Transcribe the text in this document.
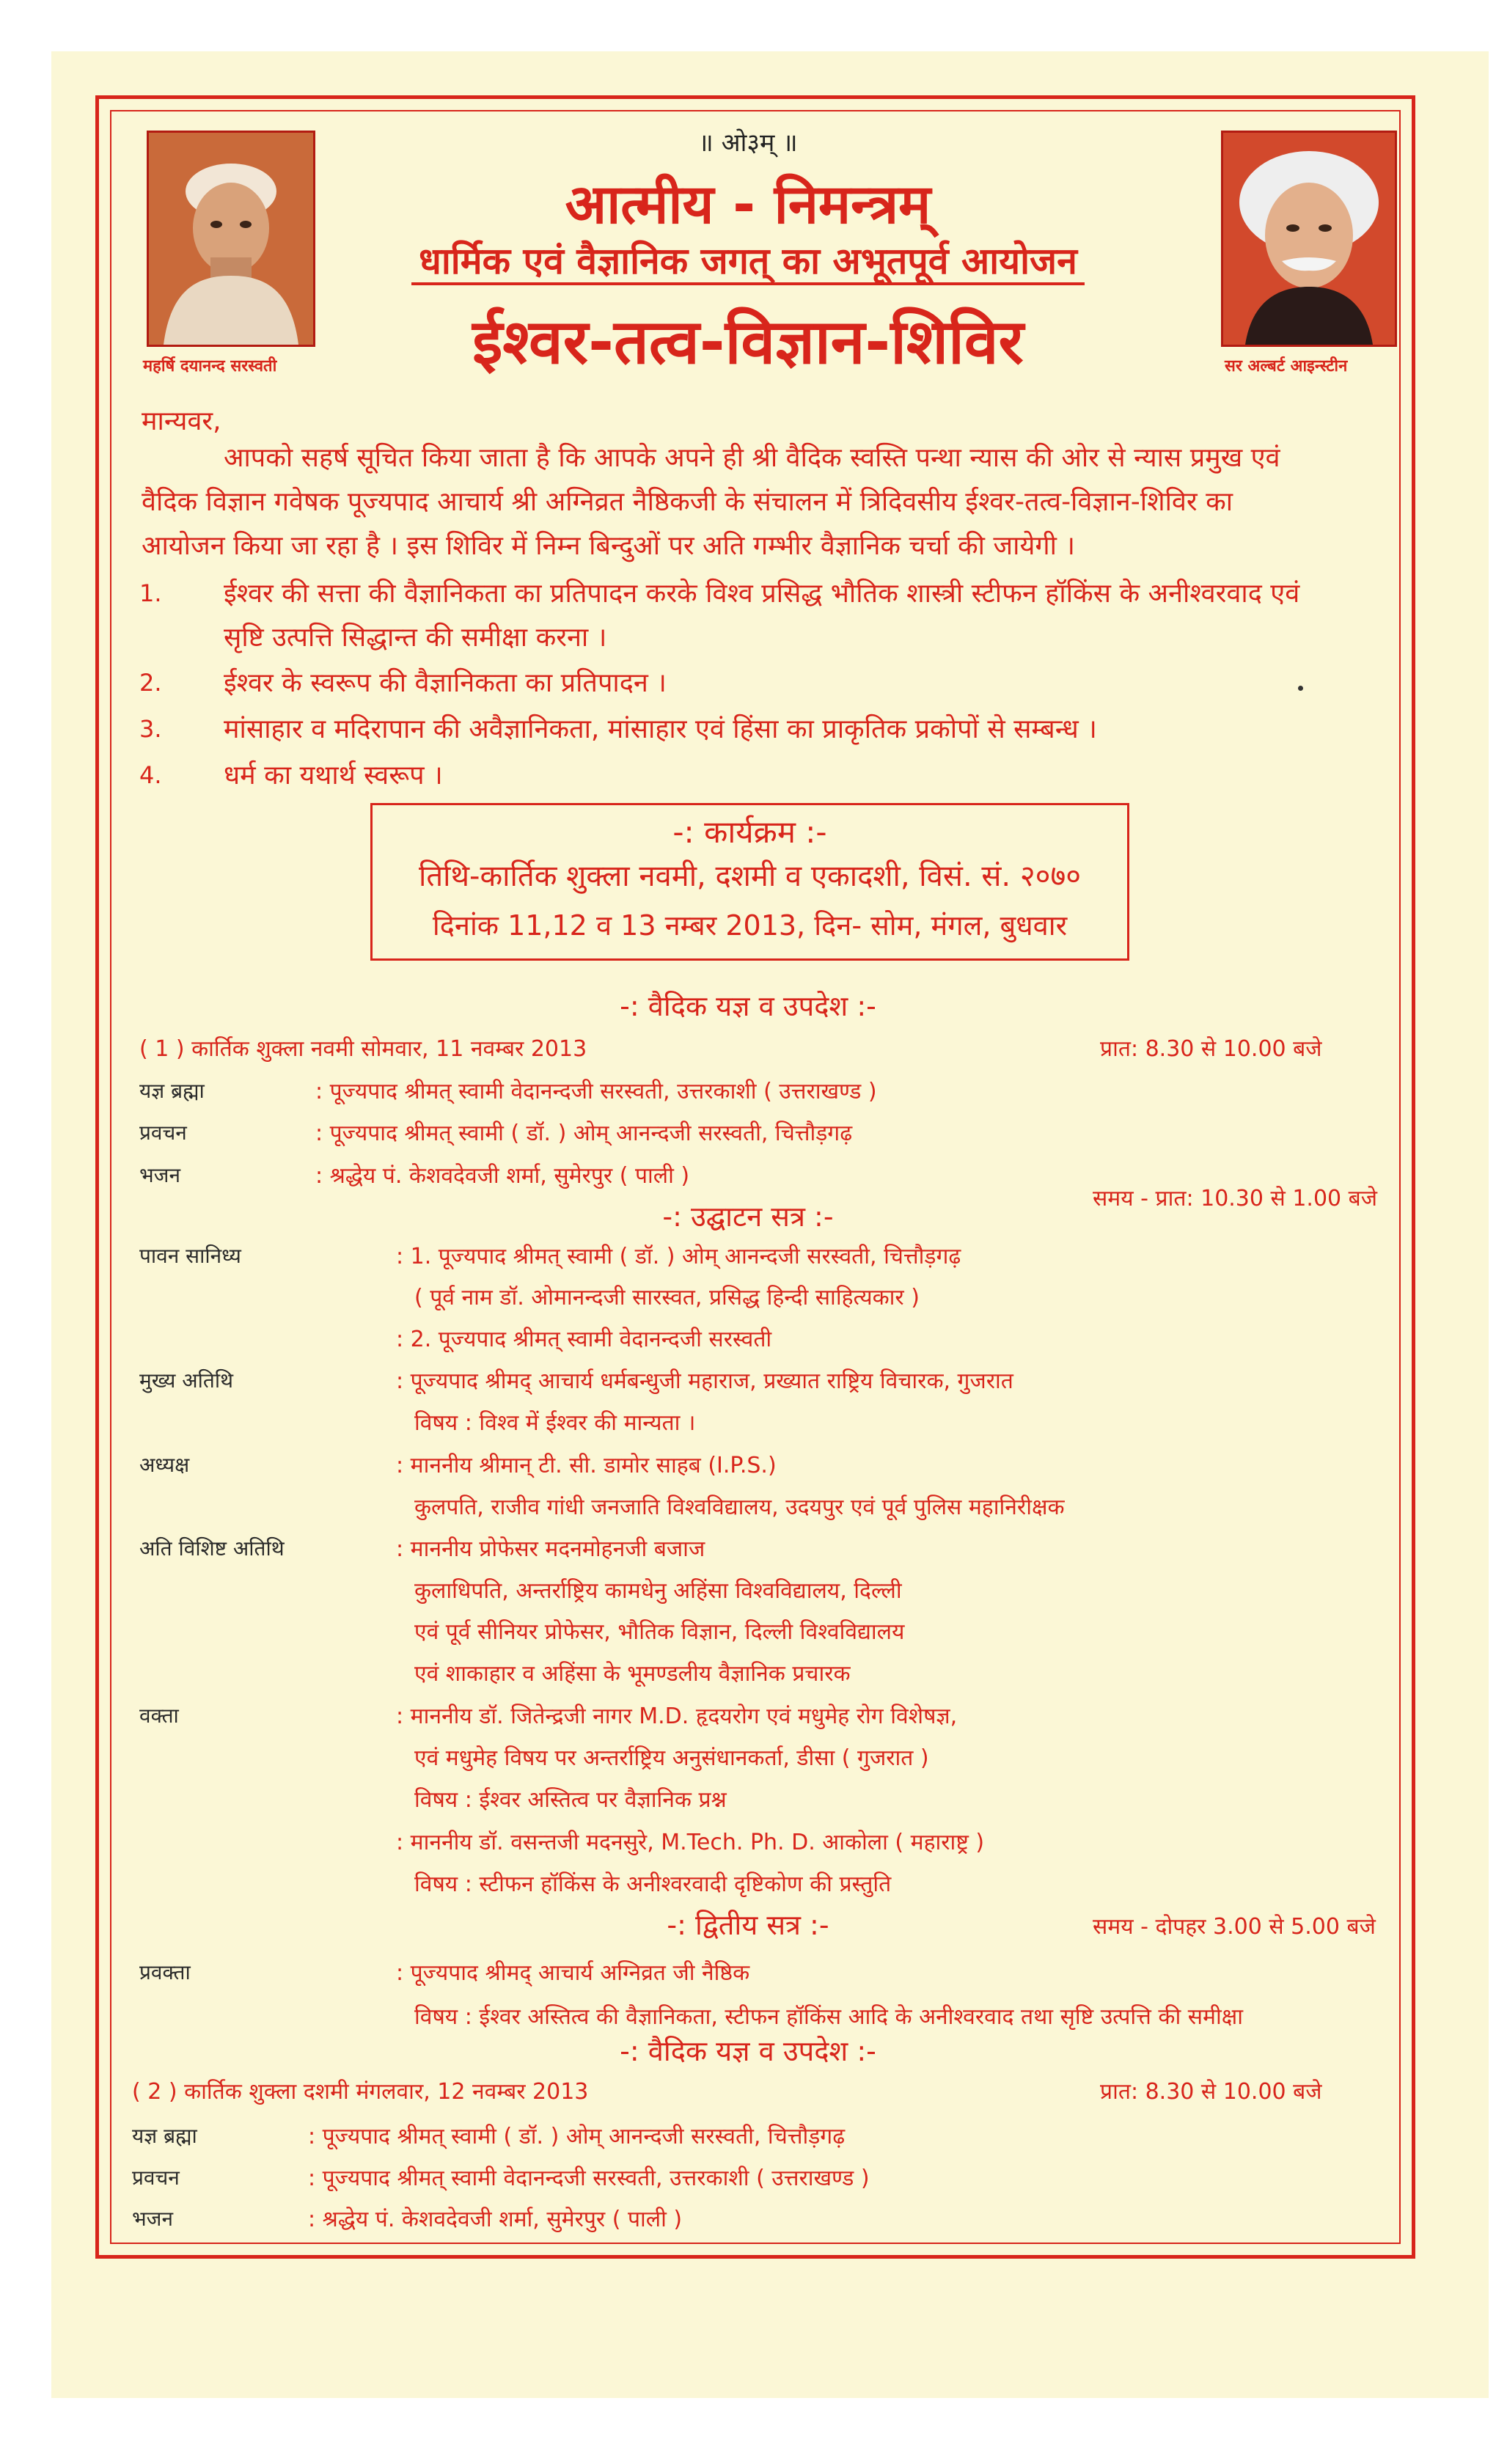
॥ ओ३म् ॥
आत्मीय - निमन्त्रम्
धार्मिक एवं वैज्ञानिक जगत् का अभूतपूर्व आयोजन
ईश्वर-तत्व-विज्ञान-शिविर
महर्षि दयानन्द सरस्वती	सर अल्बर्ट आइन्स्टीन
मान्यवर,
आपको सहर्ष सूचित किया जाता है कि आपके अपने ही श्री वैदिक स्वस्ति पन्था न्यास की ओर से न्यास प्रमुख एवं
वैदिक विज्ञान गवेषक पूज्यपाद आचार्य श्री अग्निव्रत नैष्ठिकजी के संचालन में त्रिदिवसीय ईश्वर-तत्व-विज्ञान-शिविर का
आयोजन किया जा रहा है । इस शिविर में निम्न बिन्दुओं पर अति गम्भीर वैज्ञानिक चर्चा की जायेगी ।
1. ईश्वर की सत्ता की वैज्ञानिकता का प्रतिपादन करके विश्व प्रसिद्ध भौतिक शास्त्री स्टीफन हॉकिंस के अनीश्वरवाद एवं
सृष्टि उत्पत्ति सिद्धान्त की समीक्षा करना ।
2. ईश्वर के स्वरूप की वैज्ञानिकता का प्रतिपादन ।
3. मांसाहार व मदिरापान की अवैज्ञानिकता, मांसाहार एवं हिंसा का प्राकृतिक प्रकोपों से सम्बन्ध ।
4. धर्म का यथार्थ स्वरूप ।
-: कार्यक्रम :-
तिथि-कार्तिक शुक्ला नवमी, दशमी व एकादशी, विसं. सं. २०७०
दिनांक 11,12 व 13 नम्बर 2013, दिन- सोम, मंगल, बुधवार
-: वैदिक यज्ञ व उपदेश :-
( 1 ) कार्तिक शुक्ला नवमी सोमवार, 11 नवम्बर 2013	प्रात: 8.30 से 10.00 बजे
यज्ञ ब्रह्मा	: पूज्यपाद श्रीमत् स्वामी वेदानन्दजी सरस्वती, उत्तरकाशी ( उत्तराखण्ड )
प्रवचन	: पूज्यपाद श्रीमत् स्वामी ( डॉ. ) ओम् आनन्दजी सरस्वती, चित्तौड़गढ़
भजन	: श्रद्धेय पं. केशवदेवजी शर्मा, सुमेरपुर ( पाली )
समय - प्रात: 10.30 से 1.00 बजे
-: उद्घाटन सत्र :-
पावन सानिध्य	: 1. पूज्यपाद श्रीमत् स्वामी ( डॉ. ) ओम् आनन्दजी सरस्वती, चित्तौड़गढ़
( पूर्व नाम डॉ. ओमानन्दजी सारस्वत, प्रसिद्ध हिन्दी साहित्यकार )
: 2. पूज्यपाद श्रीमत् स्वामी वेदानन्दजी सरस्वती
मुख्य अतिथि	: पूज्यपाद श्रीमद् आचार्य धर्मबन्धुजी महाराज, प्रख्यात राष्ट्रिय विचारक, गुजरात
विषय : विश्व में ईश्वर की मान्यता ।
अध्यक्ष	: माननीय श्रीमान् टी. सी. डामोर साहब (I.P.S.)
कुलपति, राजीव गांधी जनजाति विश्वविद्यालय, उदयपुर एवं पूर्व पुलिस महानिरीक्षक
अति विशिष्ट अतिथि	: माननीय प्रोफेसर मदनमोहनजी बजाज
कुलाधिपति, अन्तर्राष्ट्रिय कामधेनु अहिंसा विश्वविद्यालय, दिल्ली
एवं पूर्व सीनियर प्रोफेसर, भौतिक विज्ञान, दिल्ली विश्वविद्यालय
एवं शाकाहार व अहिंसा के भूमण्डलीय वैज्ञानिक प्रचारक
वक्ता	: माननीय डॉ. जितेन्द्रजी नागर M.D. हृदयरोग एवं मधुमेह रोग विशेषज्ञ,
एवं मधुमेह विषय पर अन्तर्राष्ट्रिय अनुसंधानकर्ता, डीसा ( गुजरात )
विषय : ईश्वर अस्तित्व पर वैज्ञानिक प्रश्न
: माननीय डॉ. वसन्तजी मदनसुरे, M.Tech. Ph. D. आकोला ( महाराष्ट्र )
विषय : स्टीफन हॉकिंस के अनीश्वरवादी दृष्टिकोण की प्रस्तुति
-: द्वितीय सत्र :-	समय - दोपहर 3.00 से 5.00 बजे
प्रवक्ता	: पूज्यपाद श्रीमद् आचार्य अग्निव्रत जी नैष्ठिक
विषय : ईश्वर अस्तित्व की वैज्ञानिकता, स्टीफन हॉकिंस आदि के अनीश्वरवाद तथा सृष्टि उत्पत्ति की समीक्षा
-: वैदिक यज्ञ व उपदेश :-
( 2 ) कार्तिक शुक्ला दशमी मंगलवार, 12 नवम्बर 2013	प्रात: 8.30 से 10.00 बजे
यज्ञ ब्रह्मा	: पूज्यपाद श्रीमत् स्वामी ( डॉ. ) ओम् आनन्दजी सरस्वती, चित्तौड़गढ़
प्रवचन	: पूज्यपाद श्रीमत् स्वामी वेदानन्दजी सरस्वती, उत्तरकाशी ( उत्तराखण्ड )
भजन	: श्रद्धेय पं. केशवदेवजी शर्मा, सुमेरपुर ( पाली )
